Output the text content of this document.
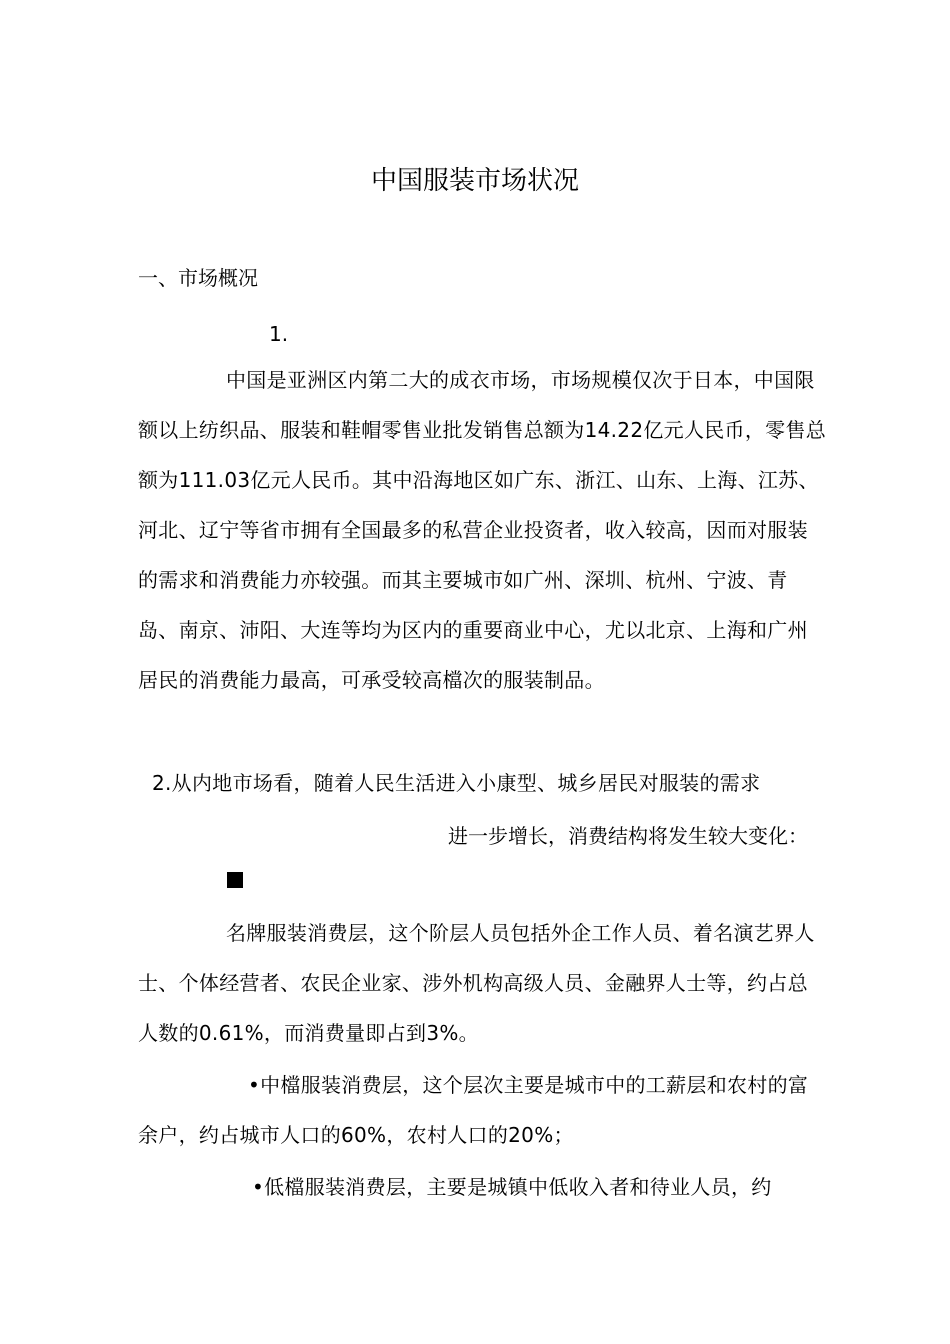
中国服装市场状况
一、市场概况
1.

中国是亚洲区内第二大的成衣市场，市场规模仅次于日本，中国限额以上纺织品、服装和鞋帽零售业批发销售总额为14.22亿元人民币，零售总额为111.03亿元人民币。其中沿海地区如广东、浙江、山东、上海、江苏、河北、辽宁等省市拥有全国最多的私营企业投资者，收入较高，因而对服装的需求和消费能力亦较强。而其主要城市如广州、深圳、杭州、宁波、青岛、南京、沛阳、大连等均为区内的重要商业中心，尤以北京、上海和广州居民的消费能力最高，可承受较高檔次的服装制品。

2.从内地市场看，随着人民生活进入小康型、城乡居民对服装的需求

进一步增长，消费结构将发生较大变化：

名牌服装消费层，这个阶层人员包括外企工作人员、着名演艺界人士、个体经营者、农民企业家、涉外机构高级人员、金融界人士等，约占总人数的0.61%，而消费量即占到3%。

•中檔服装消费层，这个层次主要是城市中的工薪层和农村的富余户，约占城市人口的60%，农村人口的20%；

•低檔服装消费层，主要是城镇中低收入者和待业人员，约
